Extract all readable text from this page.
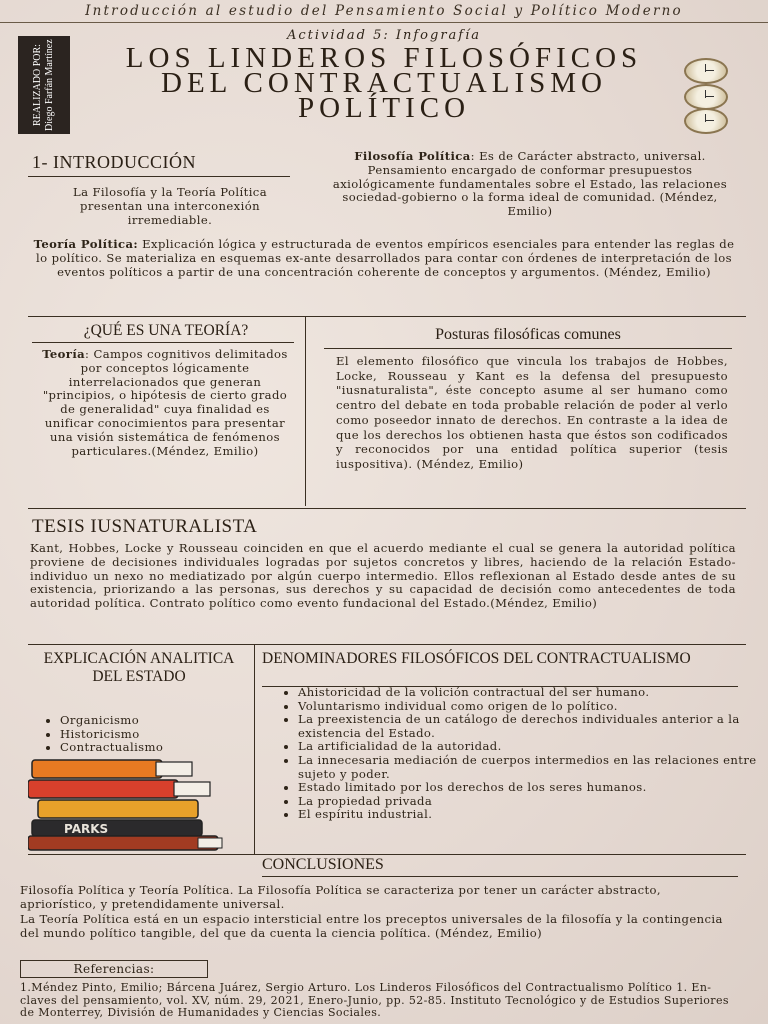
Introducción al estudio del Pensamiento Social y Político Moderno
REALIZADO POR:
Diego Farfán Martínez
Actividad 5: Infografía
LOS LINDEROS FILOSÓFICOS DEL CONTRACTUALISMO POLÍTICO
1- INTRODUCCIÓN
La Filosofía y la Teoría Política presentan una interconexión irremediable.
Filosofía Política: Es de Carácter abstracto, universal. Pensamiento encargado de conformar presupuestos axiológicamente fundamentales sobre el Estado, las relaciones sociedad-gobierno o la forma ideal de comunidad. (Méndez, Emilio)
Teoría Política: Explicación lógica y estructurada de eventos empíricos esenciales para entender las reglas de lo político. Se materializa en esquemas ex-ante desarrollados para contar con órdenes de interpretación de los eventos políticos a partir de una concentración coherente de conceptos y argumentos. (Méndez, Emilio)
¿QUÉ ES UNA TEORÍA?
Teoría: Campos cognitivos delimitados por conceptos lógicamente interrelacionados que generan "principios, o hipótesis de cierto grado de generalidad" cuya finalidad es unificar conocimientos para presentar una visión sistemática de fenómenos particulares.(Méndez, Emilio)
Posturas filosóficas comunes
El elemento filosófico que vincula los trabajos de Hobbes, Locke, Rousseau y Kant es la defensa del presupuesto "iusnaturalista", éste concepto asume al ser humano como centro del debate en toda probable relación de poder al verlo como poseedor innato de derechos. En contraste a la idea de que los derechos los obtienen hasta que éstos son codificados y reconocidos por una entidad política superior (tesis iuspositiva). (Méndez, Emilio)
TESIS IUSNATURALISTA
Kant, Hobbes, Locke y Rousseau coinciden en que el acuerdo mediante el cual se genera la autoridad política proviene de decisiones individuales logradas por sujetos concretos y libres, haciendo de la relación Estado-individuo un nexo no mediatizado por algún cuerpo intermedio. Ellos reflexionan al Estado desde antes de su existencia, priorizando a las personas, sus derechos y su capacidad de decisión como antecedentes de toda autoridad política. Contrato político como evento fundacional del Estado.(Méndez, Emilio)
EXPLICACIÓN ANALITICA DEL ESTADO
• Organicismo
• Historicismo
• Contractualismo
PARKS
DENOMINADORES FILOSÓFICOS DEL CONTRACTUALISMO
• Ahistoricidad de la volición contractual del ser humano.
• Voluntarismo individual como origen de lo político.
• La preexistencia de un catálogo de derechos individuales anterior a la existencia del Estado.
• La artificialidad de la autoridad.
• La innecesaria mediación de cuerpos intermedios en las relaciones entre sujeto y poder.
• Estado limitado por los derechos de los seres humanos.
• La propiedad privada
• El espíritu industrial.
CONCLUSIONES
Filosofía Política y Teoría Política. La Filosofía Política se caracteriza por tener un carácter abstracto, apriorístico, y pretendidamente universal.
La Teoría Política está en un espacio intersticial entre los preceptos universales de la filosofía y la contingencia del mundo político tangible, del que da cuenta la ciencia política. (Méndez, Emilio)
Referencias:
1.Méndez Pinto, Emilio; Bárcena Juárez, Sergio Arturo. Los Linderos Filosóficos del Contractualismo Político 1. En-claves del pensamiento, vol. XV, núm. 29, 2021, Enero-Junio, pp. 52-85. Instituto Tecnológico y de Estudios Superiores de Monterrey, División de Humanidades y Ciencias Sociales.
